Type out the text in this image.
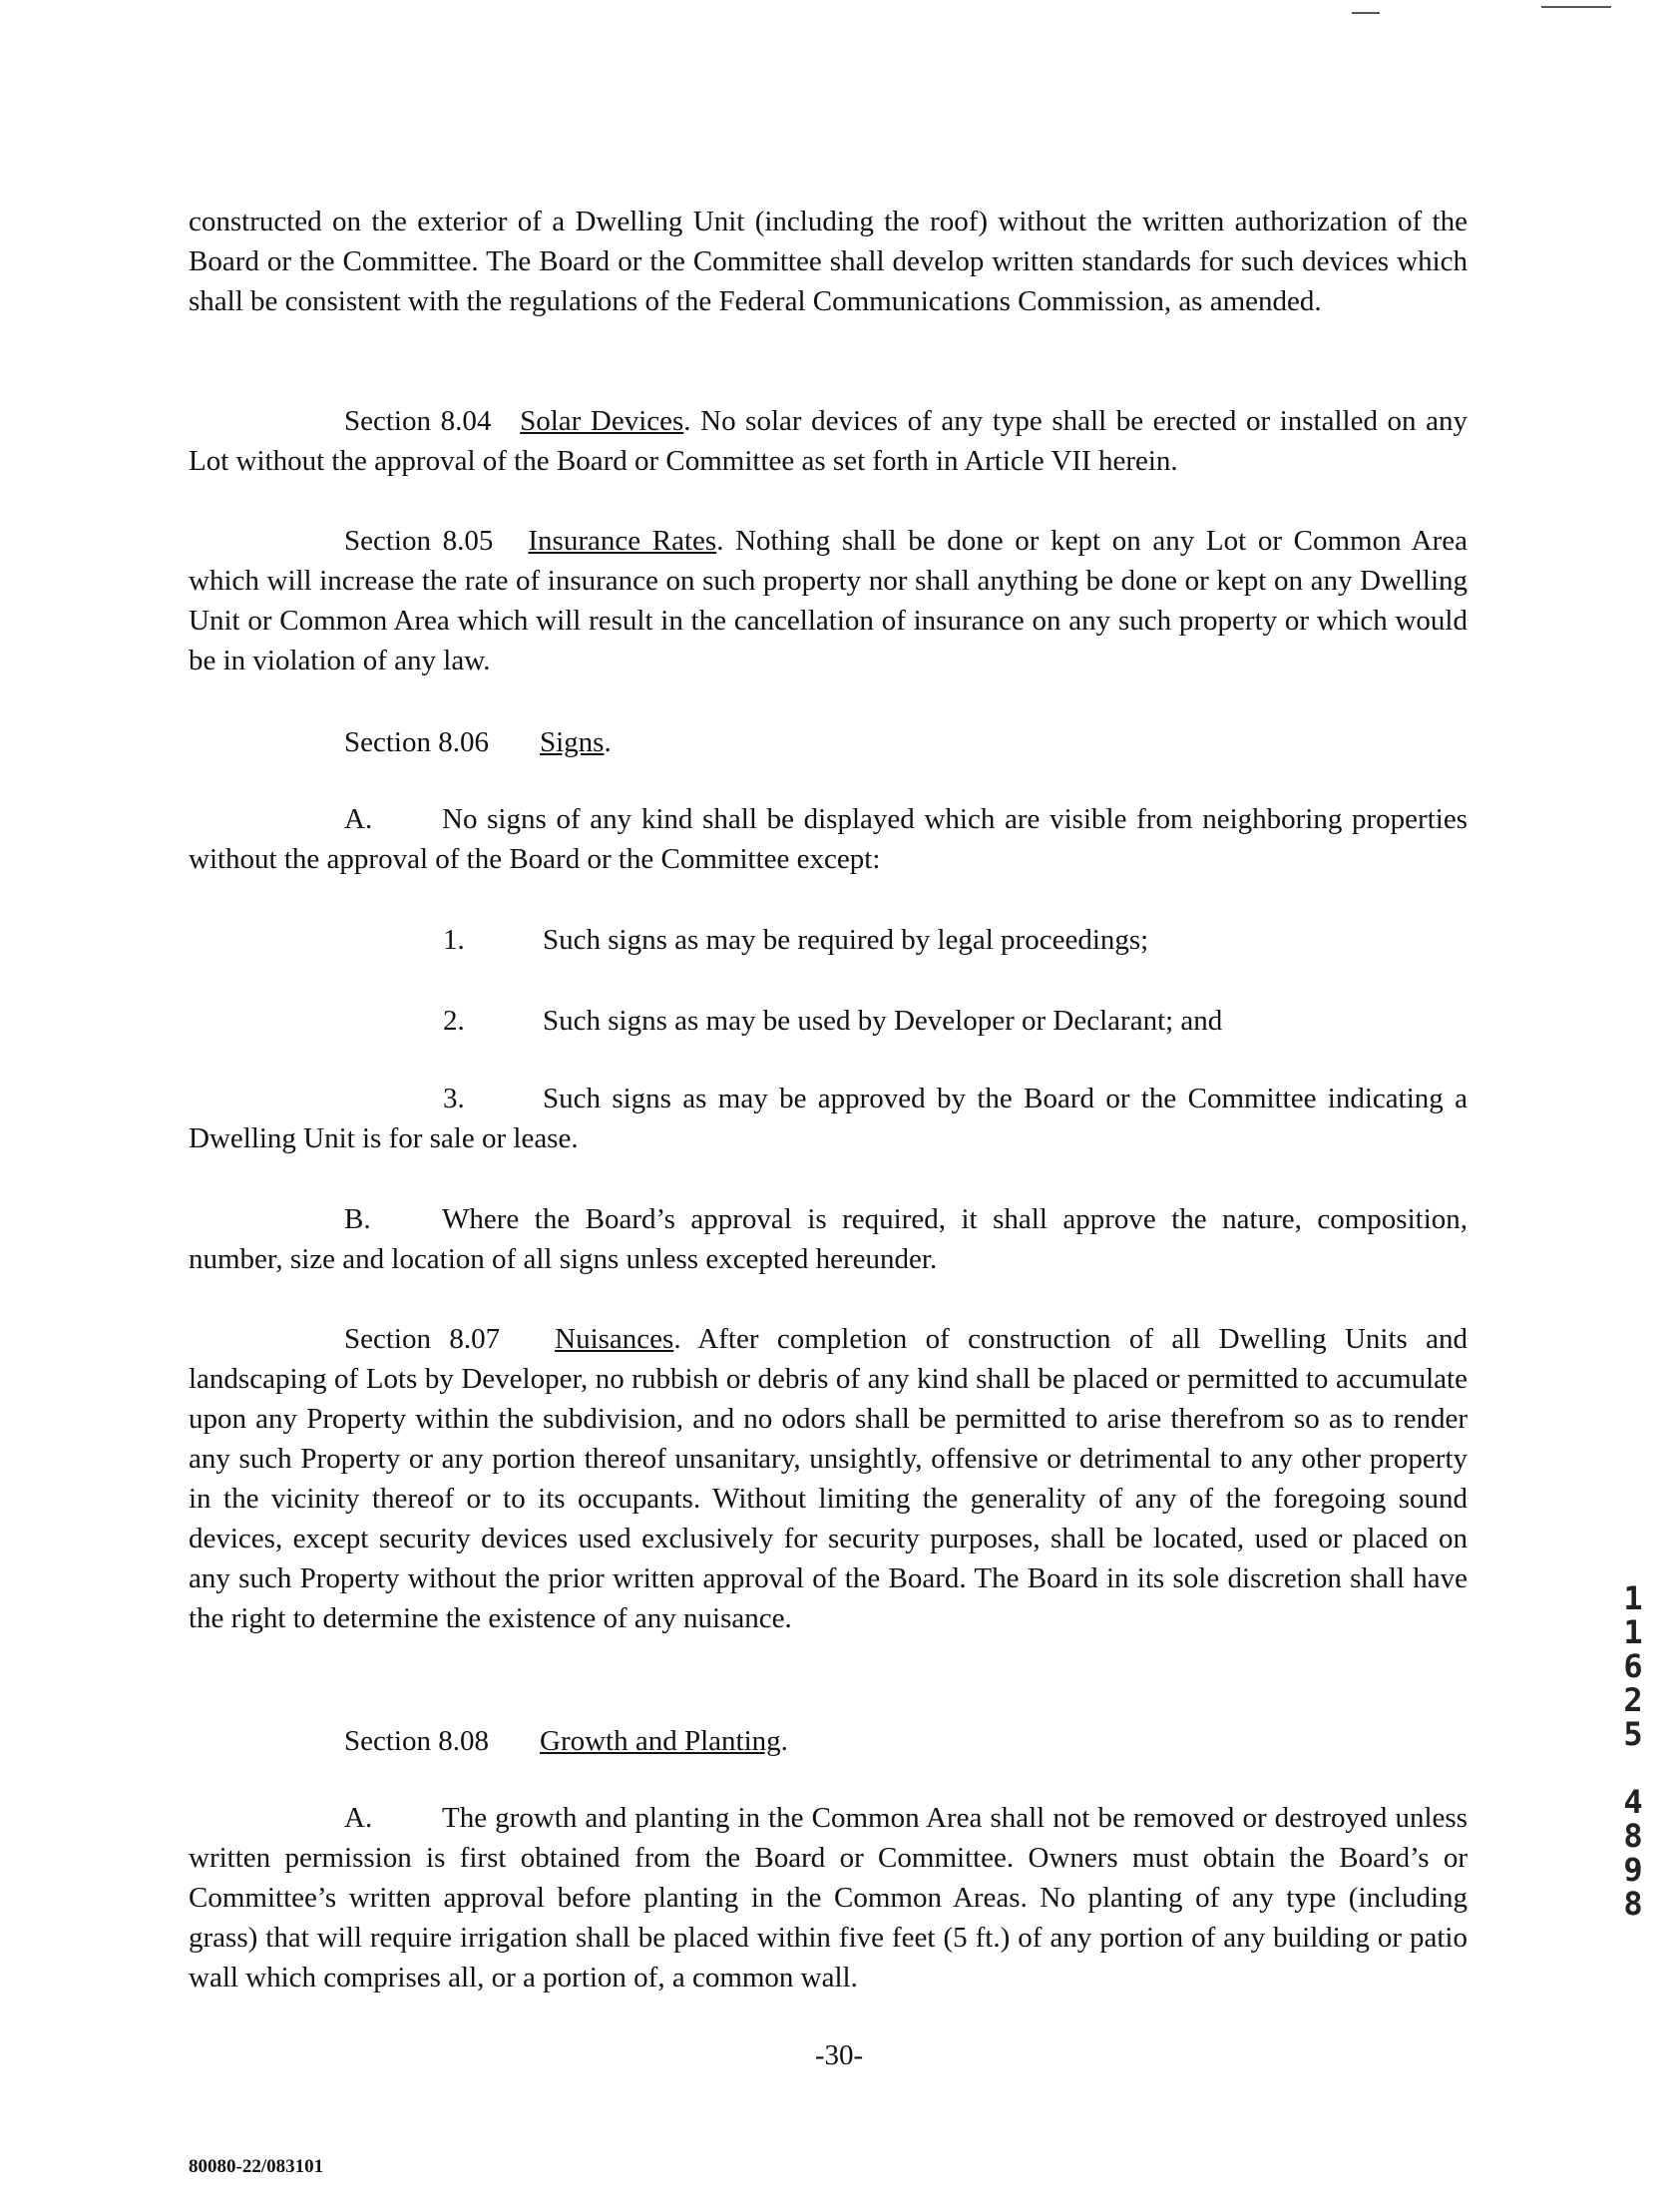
constructed on the exterior of a Dwelling Unit (including the roof) without the written authorization of the Board or the Committee. The Board or the Committee shall develop written standards for such devices which shall be consistent with the regulations of the Federal Communications Commission, as amended.

Section 8.04 Solar Devices. No solar devices of any type shall be erected or installed on any Lot without the approval of the Board or Committee as set forth in Article VII herein.

Section 8.05 Insurance Rates. Nothing shall be done or kept on any Lot or Common Area which will increase the rate of insurance on such property nor shall anything be done or kept on any Dwelling Unit or Common Area which will result in the cancellation of insurance on any such property or which would be in violation of any law.

Section 8.06 Signs.

A. No signs of any kind shall be displayed which are visible from neighboring properties without the approval of the Board or the Committee except:

1.	Such signs as may be required by legal proceedings;
2.	Such signs as may be used by Developer or Declarant; and

3.	Such signs as may be approved by the Board or the Committee indicating a Dwelling Unit is for sale or lease.

B. Where the Board’s approval is required, it shall approve the nature, composition, number, size and location of all signs unless excepted hereunder.

Section 8.07 Nuisances. After completion of construction of all Dwelling Units and landscaping of Lots by Developer, no rubbish or debris of any kind shall be placed or permitted to accumulate upon any Property within the subdivision, and no odors shall be permitted to arise therefrom so as to render any such Property or any portion thereof unsanitary, unsightly, offensive or detrimental to any other property in the vicinity thereof or to its occupants. Without limiting the generality of any of the foregoing sound devices, except security devices used exclusively for security purposes, shall be located, used or placed on any such Property without the prior written approval of the Board. The Board in its sole discretion shall have the right to determine the existence of any nuisance.

Section 8.08 Growth and Planting.

A. The growth and planting in the Common Area shall not be removed or destroyed unless written permission is first obtained from the Board or Committee. Owners must obtain the Board’s or Committee’s written approval before planting in the Common Areas. No planting of any type (including grass) that will require irrigation shall be placed within five feet (5 ft.) of any portion of any building or patio wall which comprises all, or a portion of, a common wall.

-30-
80080-22/083101
1
1
6
2
5
4
8
9
8
